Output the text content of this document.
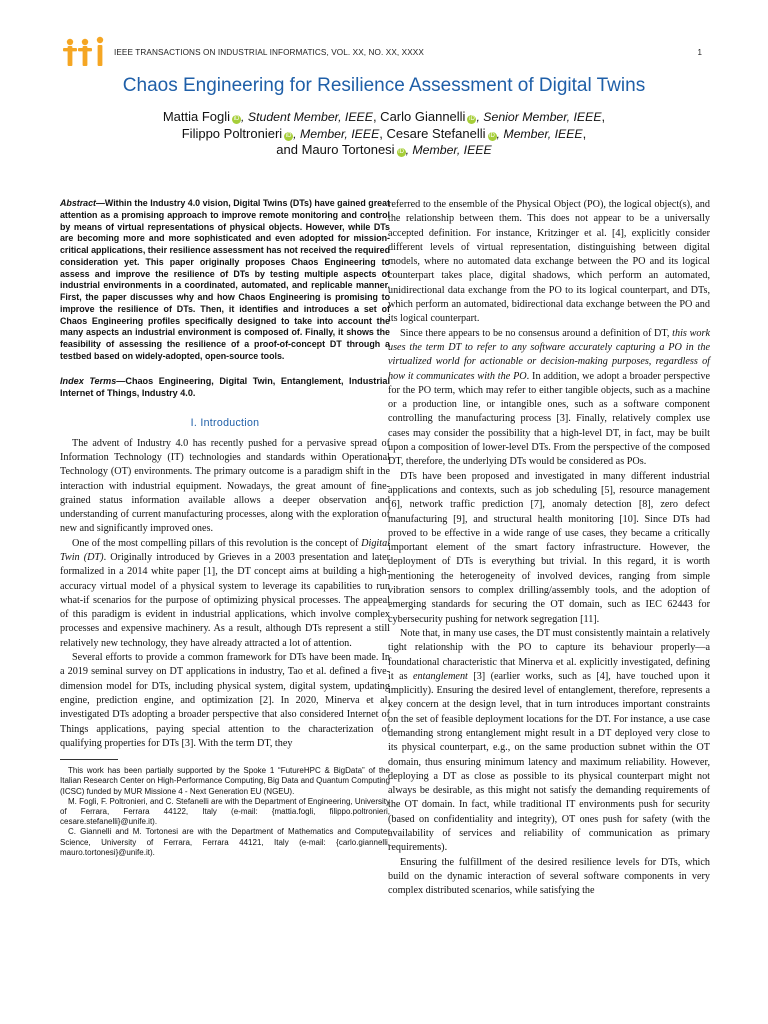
IEEE TRANSACTIONS ON INDUSTRIAL INFORMATICS, VOL. XX, NO. XX, XXXX	1
Chaos Engineering for Resilience Assessment of Digital Twins
Mattia Fogli iD , Student Member, IEEE, Carlo Giannelli iD , Senior Member, IEEE,
Filippo Poltronieri iD , Member, IEEE, Cesare Stefanelli iD , Member, IEEE,
and Mauro Tortonesi iD , Member, IEEE

Abstract—Within the Industry 4.0 vision, Digital Twins (DTs) have gained great attention as a promising approach to improve remote monitoring and control by means of virtual representations of physical objects. However, while DTs are becoming more and more sophisticated and even adopted for mission-critical applications, their resilience assessment has not received the required consideration yet. This paper originally proposes Chaos Engineering to assess and improve the resilience of DTs by testing multiple aspects of industrial environments in a coordinated, automated, and replicable manner. First, the paper discusses why and how Chaos Engineering is promising to improve the resilience of DTs. Then, it identifies and introduces a set of Chaos Engineering profiles specifically designed to take into account the many aspects an industrial environment is composed of. Finally, it shows the feasibility of assessing the resilience of a proof-of-concept DT through a testbed based on widely-adopted, open-source tools.

Index Terms—Chaos Engineering, Digital Twin, Entanglement, Industrial Internet of Things, Industry 4.0.

I. Introduction

The advent of Industry 4.0 has recently pushed for a pervasive spread of Information Technology (IT) technologies and standards within Operational Technology (OT) environments. The primary outcome is a paradigm shift in the interaction with industrial equipment. Nowadays, the great amount of fine-grained status information available allows a deeper observation and understanding of current manufacturing processes, along with the exploration of new and significantly improved ones.

One of the most compelling pillars of this revolution is the concept of Digital Twin (DT). Originally introduced by Grieves in a 2003 presentation and later formalized in a 2014 white paper [1], the DT concept aims at building a high-accuracy virtual model of a physical system to leverage its capabilities to run what-if scenarios for the purpose of optimizing physical processes. The appeal of this paradigm is evident in industrial applications, which involve complex processes and expensive machinery. As a result, although DTs represent a still relatively new technology, they have already attracted a lot of attention.

Several efforts to provide a common framework for DTs have been made. In a 2019 seminal survey on DT applications in industry, Tao et al. defined a five-dimension model for DTs, including physical system, digital system, updating engine, prediction engine, and optimization [2]. In 2020, Minerva et al. investigated DTs adopting a broader perspective that also considered Internet of Things applications, paying special attention to the characterization of qualifying properties for DTs [3]. With the term DT, they

This work has been partially supported by the Spoke 1 “FutureHPC & BigData” of the Italian Research Center on High-Performance Computing, Big Data and Quantum Computing (ICSC) funded by MUR Missione 4 - Next Generation EU (NGEU).

M. Fogli, F. Poltronieri, and C. Stefanelli are with the Department of Engineering, University of Ferrara, Ferrara 44122, Italy (e-mail: {mattia.fogli, filippo.poltronieri, cesare.stefanelli}@unife.it).

C. Giannelli and M. Tortonesi are with the Department of Mathematics and Computer Science, University of Ferrara, Ferrara 44121, Italy (e-mail: {carlo.giannelli, mauro.tortonesi}@unife.it).

referred to the ensemble of the Physical Object (PO), the logical object(s), and the relationship between them. This does not appear to be a universally accepted definition. For instance, Kritzinger et al. [4], explicitly consider different levels of virtual representation, distinguishing between digital models, where no automated data exchange between the PO and its logical counterpart takes place, digital shadows, which perform an automated, unidirectional data exchange from the PO to its logical counterpart, and DTs, which perform an automated, bidirectional data exchange between the PO and its logical counterpart.

Since there appears to be no consensus around a definition of DT, this work uses the term DT to refer to any software accurately capturing a PO in the virtualized world for actionable or decision-making purposes, regardless of how it communicates with the PO. In addition, we adopt a broader perspective for the PO term, which may refer to either tangible objects, such as a machine or a production line, or intangible ones, such as a software component controlling the manufacturing process [3]. Finally, relatively complex use cases may consider the possibility that a high-level DT, in fact, may be built upon a composition of lower-level DTs. From the perspective of the composed DT, therefore, the underlying DTs would be considered as POs.

DTs have been proposed and investigated in many different industrial applications and contexts, such as job scheduling [5], resource management [6], network traffic prediction [7], anomaly detection [8], zero defect manufacturing [9], and structural health monitoring [10]. Since DTs had proved to be effective in a wide range of use cases, they became a critically important element of the smart factory infrastructure. However, the deployment of DTs is everything but trivial. In this regard, it is worth mentioning the heterogeneity of involved devices, ranging from simple vibration sensors to complex drilling/assembly tools, and the adoption of emerging standards for securing the OT domain, such as IEC 62443 for cybersecurity pushing for network segregation [11].

Note that, in many use cases, the DT must consistently maintain a relatively tight relationship with the PO to capture its behaviour properly—a foundational characteristic that Minerva et al. explicitly investigated, defining it as entanglement [3] (earlier works, such as [4], have touched upon it implicitly). Ensuring the desired level of entanglement, therefore, represents a key concern at the design level, that in turn introduces important constraints on the set of feasible deployment locations for the DT. For instance, a use case demanding strong entanglement might result in a DT deployed very close to its physical counterpart, e.g., on the same production subnet within the OT domain, thus ensuring minimum latency and maximum reliability. However, deploying a DT as close as possible to its physical counterpart might not always be desirable, as this might not satisfy the demanding requirements of the OT domain. In fact, while traditional IT environments push for security (based on confidentiality and integrity), OT ones push for safety (with the availability of services and reliability of communication as primary requirements).

Ensuring the fulfillment of the desired resilience levels for DTs, which build on the dynamic interaction of several software components in very complex distributed scenarios, while satisfying the
